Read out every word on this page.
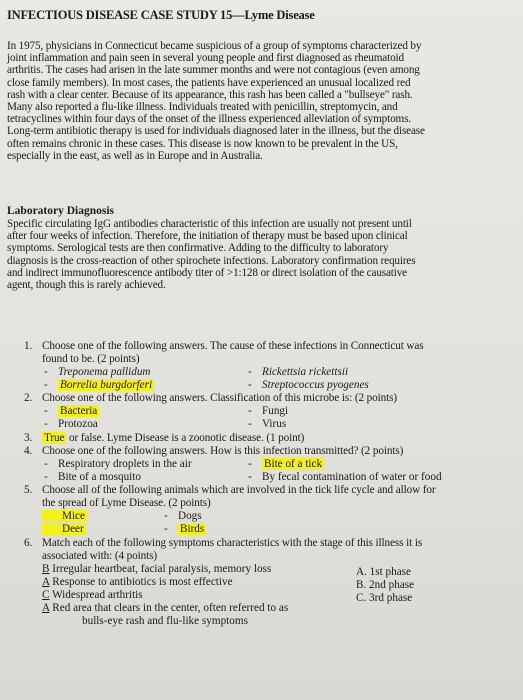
INFECTIOUS DISEASE CASE STUDY 15—Lyme Disease
In 1975, physicians in Connecticut became suspicious of a group of symptoms characterized by
joint inflammation and pain seen in several young people and first diagnosed as rheumatoid
arthritis. The cases had arisen in the late summer months and were not contagious (even among
close family members). In most cases, the patients have experienced an unusual localized red
rash with a clear center. Because of its appearance, this rash has been called a "bullseye" rash.
Many also reported a flu-like illness. Individuals treated with penicillin, streptomycin, and
tetracyclines within four days of the onset of the illness experienced alleviation of symptoms.
Long-term antibiotic therapy is used for individuals diagnosed later in the illness, but the disease
often remains chronic in these cases. This disease is now known to be prevalent in the US,
especially in the east, as well as in Europe and in Australia.
Laboratory Diagnosis
Specific circulating IgG antibodies characteristic of this infection are usually not present until
after four weeks of infection. Therefore, the initiation of therapy must be based upon clinical
symptoms. Serological tests are then confirmative. Adding to the difficulty to laboratory
diagnosis is the cross-reaction of other spirochete infections. Laboratory confirmation requires
and indirect immunofluorescence antibody titer of >1:128 or direct isolation of the causative
agent, though this is rarely achieved.
1. Choose one of the following answers. The cause of these infections in Connecticut was
found to be. (2 points)
- Treponema pallidum	- Rickettsia rickettsii
- Borrelia burgdorferi	- Streptococcus pyogenes
2. Choose one of the following answers. Classification of this microbe is: (2 points)
- Bacteria	- Fungi
- Protozoa	- Virus
3. True or false. Lyme Disease is a zoonotic disease. (1 point)
4. Choose one of the following answers. How is this infection transmitted? (2 points)
- Respiratory droplets in the air	- Bite of a tick
- Bite of a mosquito	- By fecal contamination of water or food
5. Choose all of the following animals which are involved in the tick life cycle and allow for
the spread of Lyme Disease. (2 points)
Mice	- Dogs
Deer	- Birds
6. Match each of the following symptoms characteristics with the stage of this illness it is
associated with: (4 points)
B Irregular heartbeat, facial paralysis, memory loss
A Response to antibiotics is most effective
C Widespread arthritis
A Red area that clears in the center, often referred to as
bulls-eye rash and flu-like symptoms
A. 1st phase
B. 2nd phase
C. 3rd phase
